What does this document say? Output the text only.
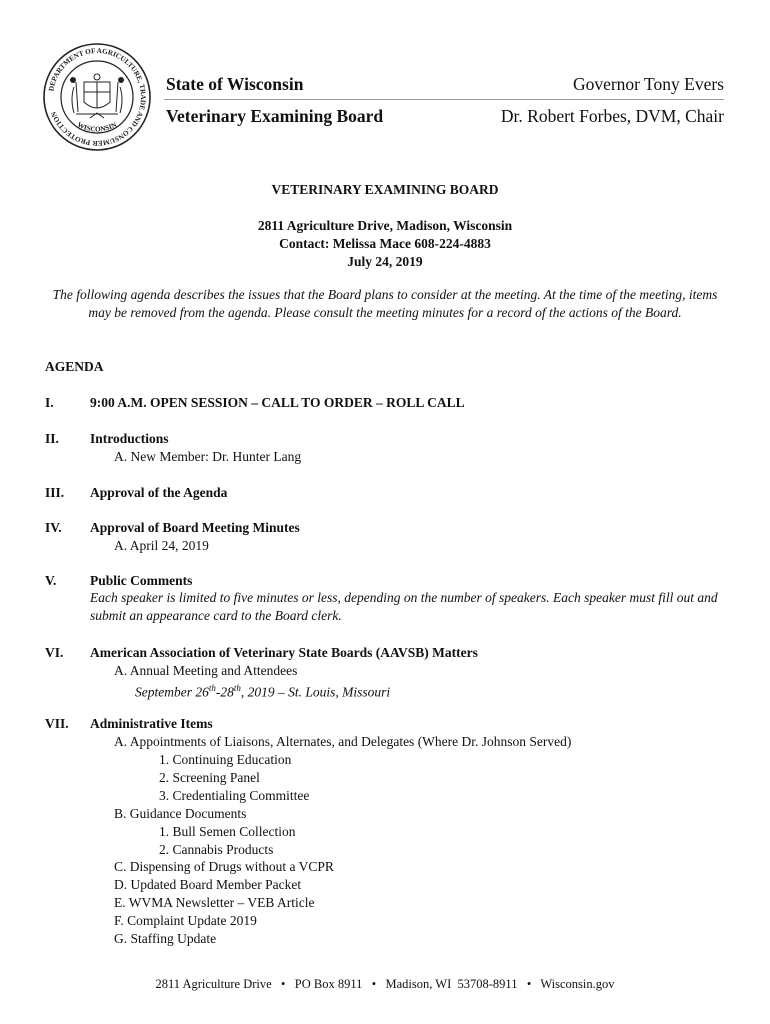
DEPARTMENT OF AGRICULTURE, TRADE AND CONSUMER PROTECTION
WISCONSIN
State of Wisconsin	Governor Tony Evers
Veterinary Examining Board	Dr. Robert Forbes, DVM, Chair
VETERINARY EXAMINING BOARD
2811 Agriculture Drive, Madison, Wisconsin
Contact: Melissa Mace 608-224-4883
July 24, 2019
The following agenda describes the issues that the Board plans to consider at the meeting. At the time of the meeting, items may be removed from the agenda. Please consult the meeting minutes for a record of the actions of the Board.
AGENDA
I.	9:00 A.M. OPEN SESSION – CALL TO ORDER – ROLL CALL
II. Introductions
A. New Member: Dr. Hunter Lang
III. Approval of the Agenda
IV. Approval of Board Meeting Minutes
A. April 24, 2019
V. Public Comments
Each speaker is limited to five minutes or less, depending on the number of speakers. Each speaker must fill out and submit an appearance card to the Board clerk.
VI. American Association of Veterinary State Boards (AAVSB) Matters
A. Annual Meeting and Attendees
September 26th-28th, 2019 – St. Louis, Missouri
VII. Administrative Items
A. Appointments of Liaisons, Alternates, and Delegates (Where Dr. Johnson Served)
1. Continuing Education
2. Screening Panel
3. Credentialing Committee
B. Guidance Documents
1. Bull Semen Collection
2. Cannabis Products
C. Dispensing of Drugs without a VCPR
D. Updated Board Member Packet
E. WVMA Newsletter – VEB Article
F. Complaint Update 2019
G. Staffing Update
2811 Agriculture Drive   •   PO Box 8911   •   Madison, WI  53708-8911   •   Wisconsin.gov
